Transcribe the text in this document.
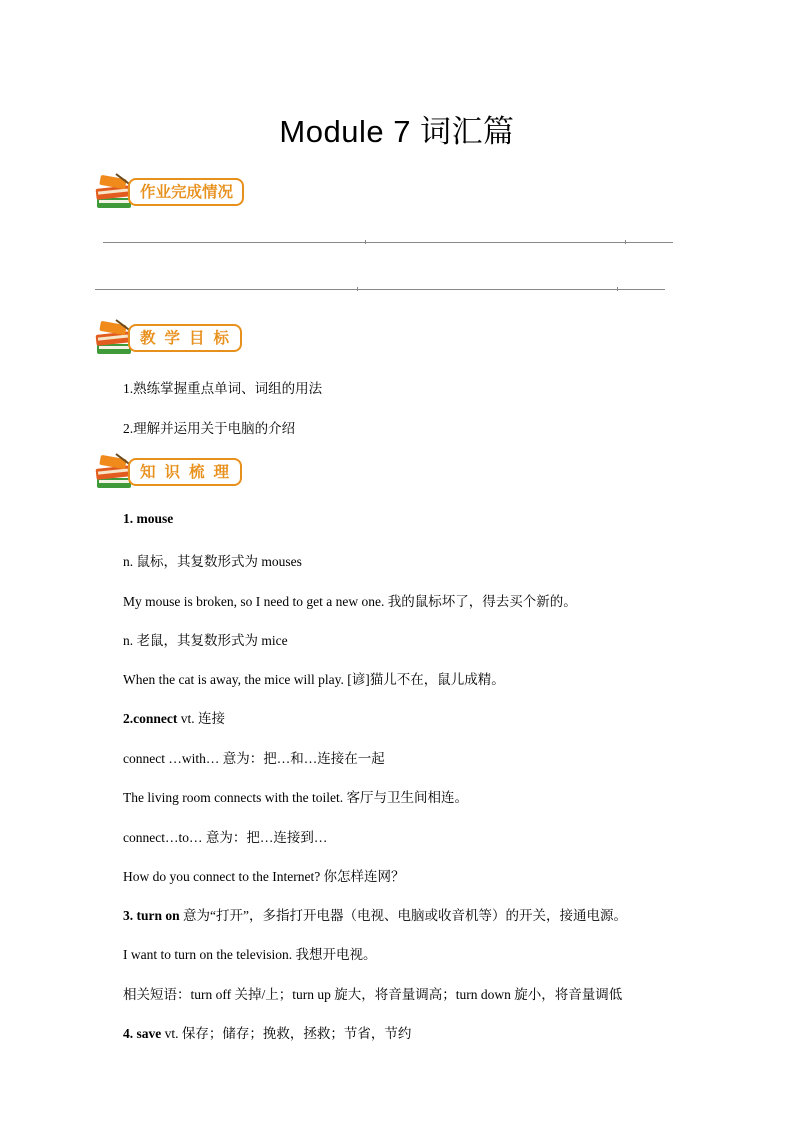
Module 7 词汇篇
作业完成情况
教学目标
1.熟练掌握重点单词、词组的用法
2.理解并运用关于电脑的介绍
知识梳理
1. mouse
n. 鼠标，其复数形式为 mouses
My mouse is broken, so I need to get a new one. 我的鼠标坏了，得去买个新的。
n. 老鼠，其复数形式为 mice
When the cat is away, the mice will play. [谚]猫儿不在，鼠儿成精。
2.connect vt. 连接
connect …with… 意为：把…和…连接在一起
The living room connects with the toilet. 客厅与卫生间相连。
connect…to… 意为：把…连接到…
How do you connect to the Internet? 你怎样连网？
3. turn on 意为“打开”，多指打开电器（电视、电脑或收音机等）的开关，接通电源。
I want to turn on the television. 我想开电视。
相关短语：turn off 关掉/上；turn up 旋大，将音量调高；turn down 旋小，将音量调低
4. save vt. 保存；储存；挽救，拯救；节省，节约
